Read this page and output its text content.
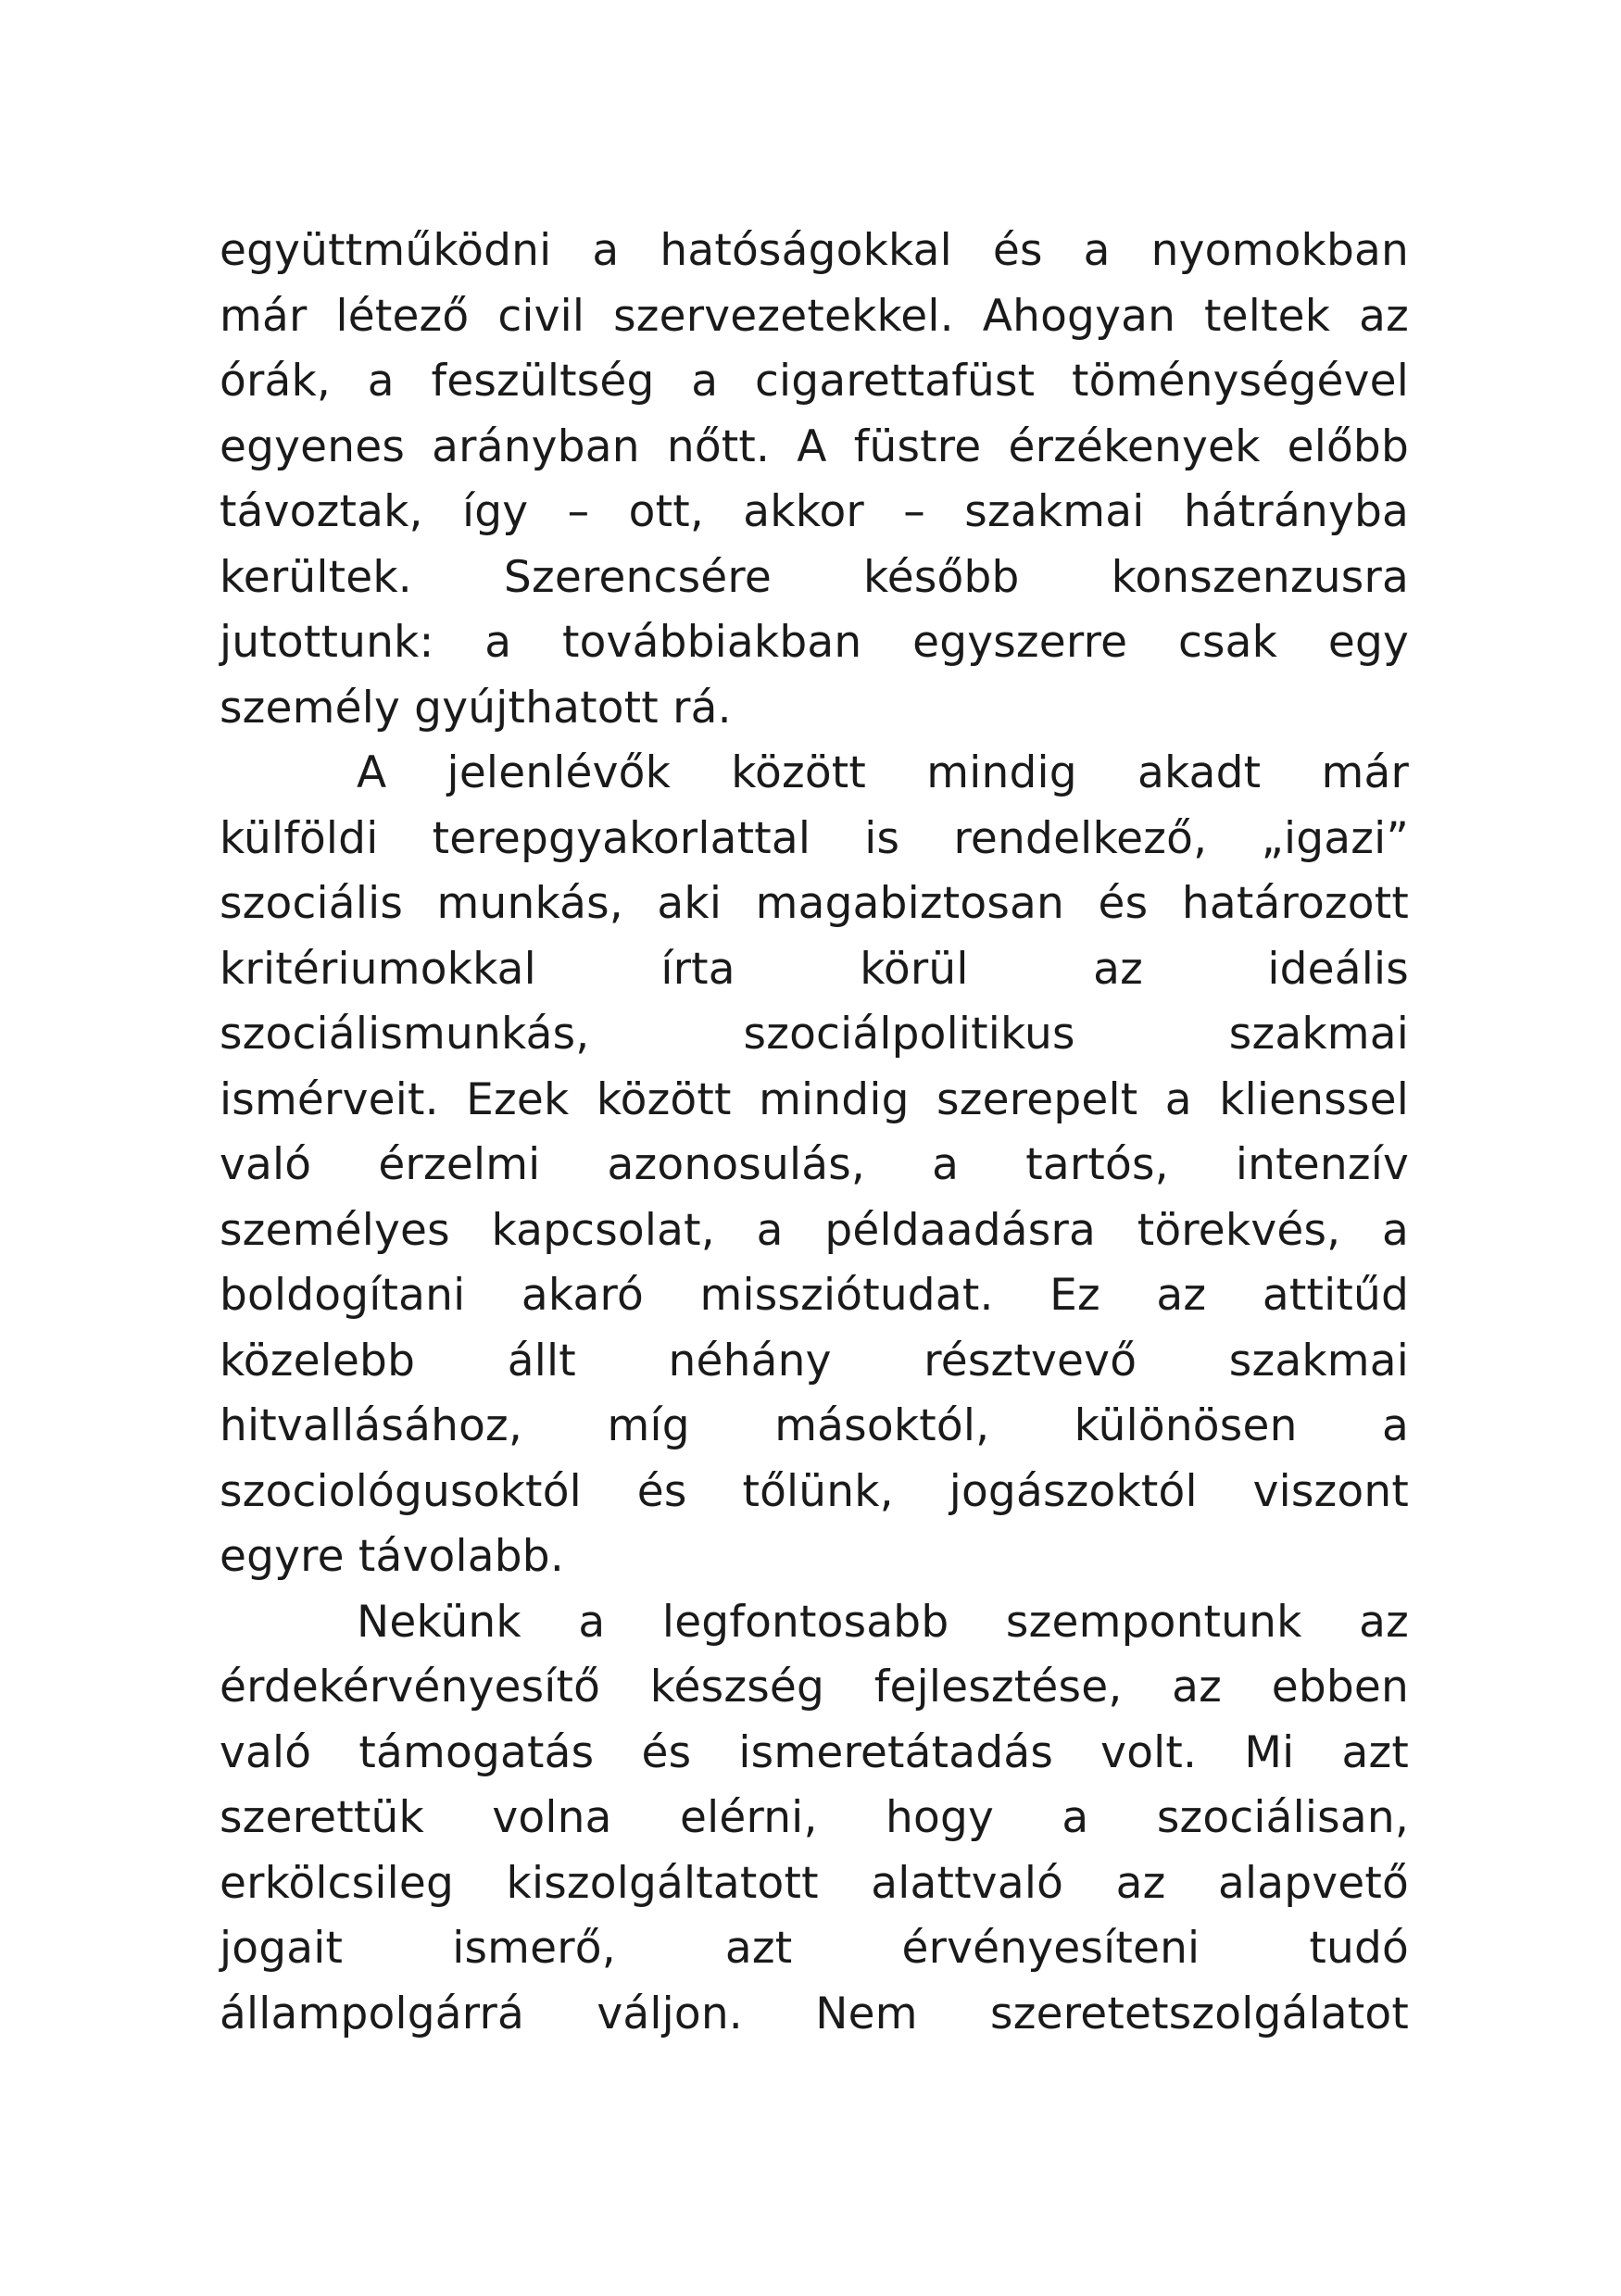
együttműködni a hatóságokkal és a nyomokban
már létező civil szervezetekkel. Ahogyan teltek az
órák, a feszültség a cigarettafüst töménységével
egyenes arányban nőtt. A füstre érzékenyek előbb
távoztak, így – ott, akkor – szakmai hátrányba
kerültek. Szerencsére később konszenzusra
jutottunk: a továbbiakban egyszerre csak egy
személy gyújthatott rá.
A jelenlévők között mindig akadt már
külföldi terepgyakorlattal is rendelkező, „igazi”
szociális munkás, aki magabiztosan és határozott
kritériumokkal írta körül az ideális
szociálismunkás, szociálpolitikus szakmai
ismérveit. Ezek között mindig szerepelt a klienssel
való érzelmi azonosulás, a tartós, intenzív
személyes kapcsolat, a példaadásra törekvés, a
boldogítani akaró missziótudat. Ez az attitűd
közelebb állt néhány résztvevő szakmai
hitvallásához, míg másoktól, különösen a
szociológusoktól és tőlünk, jogászoktól viszont
egyre távolabb.
Nekünk a legfontosabb szempontunk az
érdekérvényesítő készség fejlesztése, az ebben
való támogatás és ismeretátadás volt. Mi azt
szerettük volna elérni, hogy a szociálisan,
erkölcsileg kiszolgáltatott alattvaló az alapvető
jogait ismerő, azt érvényesíteni tudó
állampolgárrá váljon. Nem szeretetszolgálatot
